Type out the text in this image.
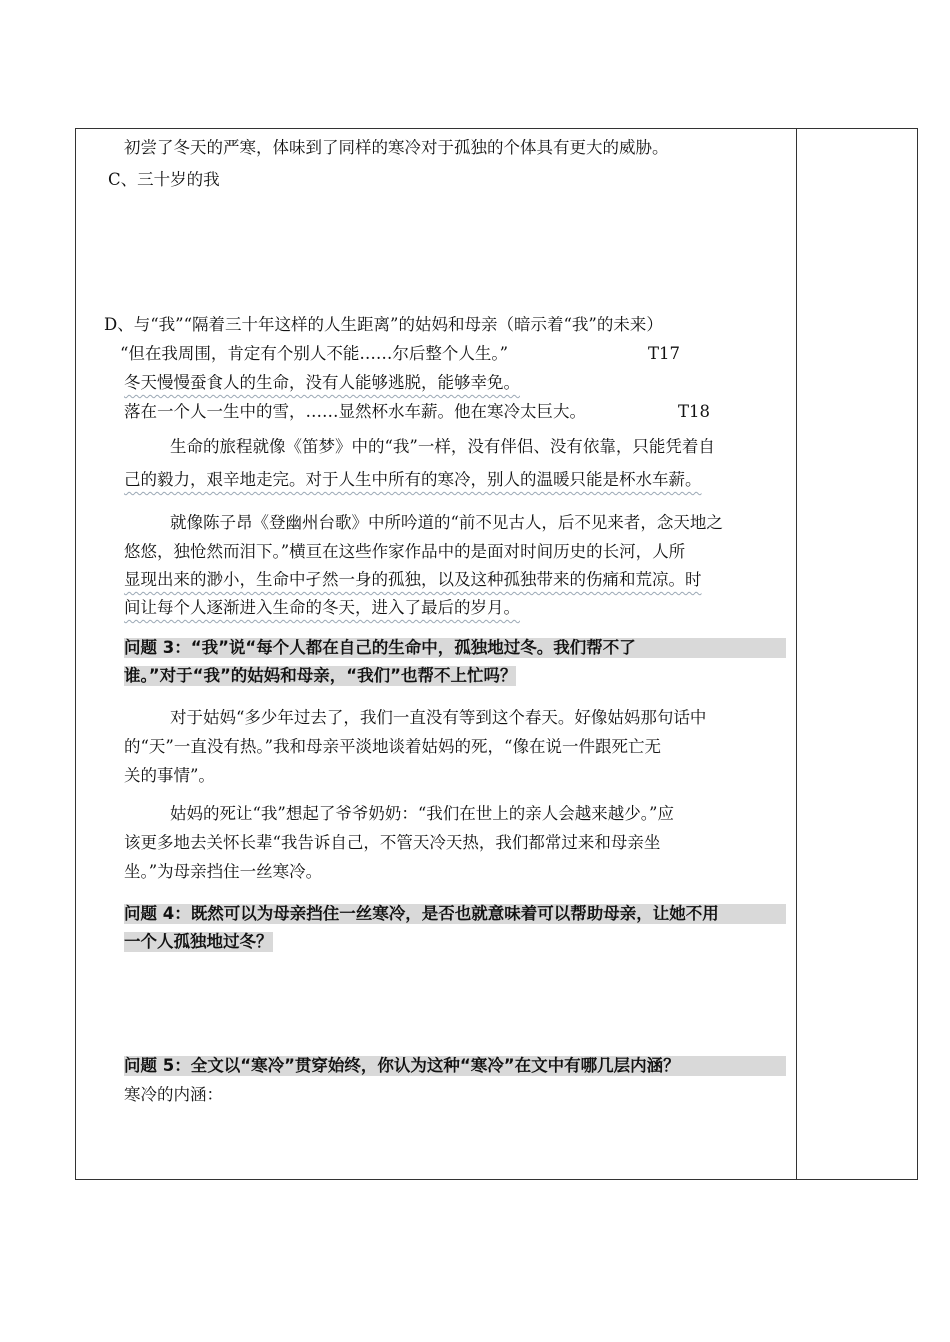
初尝了冬天的严寒，体味到了同样的寒冷对于孤独的个体具有更大的威胁。
C、三十岁的我
D、与“我”“隔着三十年这样的人生距离”的姑妈和母亲（暗示着“我”的未来）
“但在我周围，肯定有个别人不能……尔后整个人生。”	T17
冬天慢慢蚕食人的生命，没有人能够逃脱，能够幸免。
落在一个人一生中的雪，……显然杯水车薪。他在寒冷太巨大。	T18
生命的旅程就像《笛梦》中的“我”一样，没有伴侣、没有依靠，只能凭着自
己的毅力，艰辛地走完。对于人生中所有的寒冷，别人的温暖只能是杯水车薪。
就像陈子昂《登幽州台歌》中所吟道的“前不见古人，后不见来者，念天地之
悠悠，独怆然而泪下。”横亘在这些作家作品中的是面对时间历史的长河，人所
显现出来的渺小，生命中孑然一身的孤独，以及这种孤独带来的伤痛和荒凉。时
间让每个人逐渐进入生命的冬天，进入了最后的岁月。
问题 3：“我”说“每个人都在自己的生命中，孤独地过冬。我们帮不了
谁。”对于“我”的姑妈和母亲，“我们”也帮不上忙吗？
对于姑妈“多少年过去了，我们一直没有等到这个春天。好像姑妈那句话中
的“天”一直没有热。”我和母亲平淡地谈着姑妈的死，“像在说一件跟死亡无
关的事情”。
姑妈的死让“我”想起了爷爷奶奶：“我们在世上的亲人会越来越少。”应
该更多地去关怀长辈“我告诉自己，不管天冷天热，我们都常过来和母亲坐
坐。”为母亲挡住一丝寒冷。
问题 4：既然可以为母亲挡住一丝寒冷，是否也就意味着可以帮助母亲，让她不用
一个人孤独地过冬？
问题 5：全文以“寒冷”贯穿始终，你认为这种“寒冷”在文中有哪几层内涵？
寒冷的内涵：
